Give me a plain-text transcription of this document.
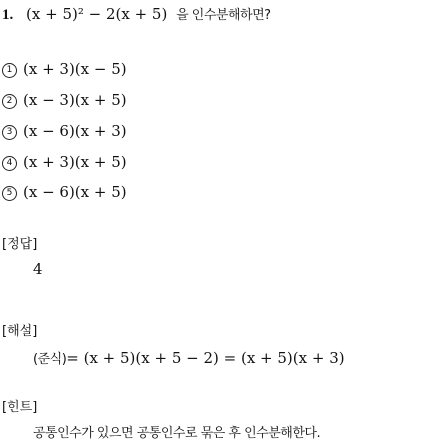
1. (x + 5)² − 2(x + 5) 을 인수분해하면?
1 (x + 3)(x − 5)
2 (x − 3)(x + 5)
3 (x − 6)(x + 3)
4 (x + 3)(x + 5)
5 (x − 6)(x + 5)
[정답]
4
[해설]
(준식)= (x + 5)(x + 5 − 2) = (x + 5)(x + 3)
[힌트]
공통인수가 있으면 공통인수로 묶은 후 인수분해한다.
